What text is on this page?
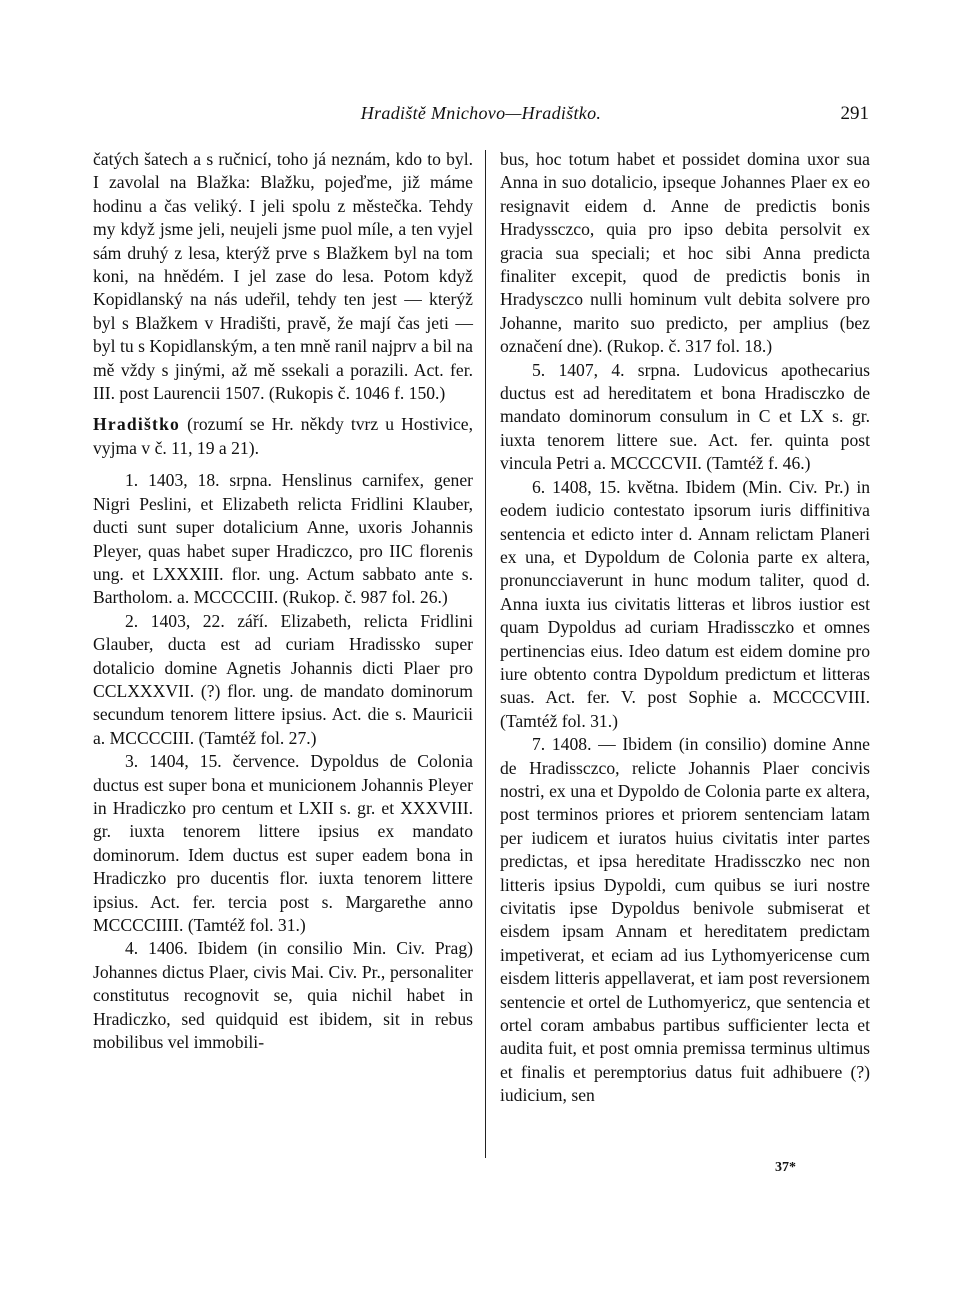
Hradiště Mnichovo—Hradištko.	291

čatých šatech a s ručnicí, toho já neznám, kdo to byl. I zavolal na Blažka: Blažku, pojeďme, již máme hodinu a čas veliký. I jeli spolu z městečka. Tehdy my když jsme jeli, neujeli jsme puol míle, a ten vyjel sám druhý z lesa, kterýž prve s Blažkem byl na tom koni, na hnědém. I jel zase do lesa. Potom když Kopidlanský na nás udeřil, tehdy ten jest — kterýž byl s Blažkem v Hradišti, pravě, že mají čas jeti — byl tu s Kopidlanským, a ten mně ranil najprv a bil na mě vždy s jinými, až mě ssekali a porazili. Act. fer. III. post Laurencii 1507. (Rukopis č. 1046 f. 150.)

Hradištko (rozumí se Hr. někdy tvrz u Hostivice, vyjma v č. 11, 19 a 21).

1. 1403, 18. srpna. Henslinus carnifex, gener Nigri Peslini, et Elizabeth relicta Fridlini Klauber, ducti sunt super dotalicium Anne, uxoris Johannis Pleyer, quas habet super Hradiczco, pro IIC florenis ung. et LXXXIII. flor. ung. Actum sabbato ante s. Bartholom. a. MCCCCIII. (Rukop. č. 987 fol. 26.)

2. 1403, 22. září. Elizabeth, relicta Fridlini Glauber, ducta est ad curiam Hradissko super dotalicio domine Agnetis Johannis dicti Plaer pro CCLXXXVII. (?) flor. ung. de mandato dominorum secundum tenorem littere ipsius. Act. die s. Mauricii a. MCCCCIII. (Tamtéž fol. 27.)

3. 1404, 15. července. Dypoldus de Colonia ductus est super bona et municionem Johannis Pleyer in Hradiczko pro centum et LXII s. gr. et XXXVIII. gr. iuxta tenorem littere ipsius ex mandato dominorum. Idem ductus est super eadem bona in Hradiczko pro ducentis flor. iuxta tenorem littere ipsius. Act. fer. tercia post s. Margarethe anno MCCCCIIII. (Tamtéž fol. 31.)

4. 1406. Ibidem (in consilio Min. Civ. Prag) Johannes dictus Plaer, civis Mai. Civ. Pr., personaliter constitutus recognovit se, quia nichil habet in Hradiczko, sed quidquid est ibidem, sit in rebus mobilibus vel immobili-

bus, hoc totum habet et possidet domina uxor sua Anna in suo dotalicio, ipseque Johannes Plaer ex eo resignavit eidem d. Anne de predictis bonis Hradyssczco, quia pro ipso debita persolvit ex gracia sua speciali; et hoc sibi Anna predicta finaliter excepit, quod de predictis bonis in Hradysczco nulli hominum vult debita solvere pro Johanne, marito suo predicto, per amplius (bez označení dne). (Rukop. č. 317 fol. 18.)

5. 1407, 4. srpna. Ludovicus apothecarius ductus est ad hereditatem et bona Hradisczko de mandato dominorum consulum in C et LX s. gr. iuxta tenorem littere sue. Act. fer. quinta post vincula Petri a. MCCCCVII. (Tamtéž f. 46.)

6. 1408, 15. května. Ibidem (Min. Civ. Pr.) in eodem iudicio contestato ipsorum iuris diffinitiva sentencia et edicto inter d. Annam relictam Planeri ex una, et Dypoldum de Colonia parte ex altera, pronuncciaverunt in hunc modum taliter, quod d. Anna iuxta ius civitatis litteras et libros iustior est quam Dypoldus ad curiam Hradissczko et omnes pertinencias eius. Ideo datum est eidem domine pro iure obtento contra Dypoldum predictum et litteras suas. Act. fer. V. post Sophie a. MCCCCVIII. (Tamtéž fol. 31.)

7. 1408. — Ibidem (in consilio) domine Anne de Hradissczco, relicte Johannis Plaer concivis nostri, ex una et Dypoldo de Colonia parte ex altera, post terminos priores et priorem sentenciam latam per iudicem et iuratos huius civitatis inter partes predictas, et ipsa hereditate Hradissczko nec non litteris ipsius Dypoldi, cum quibus se iuri nostre civitatis ipse Dypoldus benivole submiserat et eisdem ipsam Annam et hereditatem predictam impetiverat, et eciam ad ius Lythomyericense cum eisdem litteris appellaverat, et iam post reversionem sentencie et ortel de Luthomyericz, que sentencia et ortel coram ambabus partibus sufficienter lecta et audita fuit, et post omnia premissa terminus ultimus et finalis et peremptorius datus fuit adhibuere (?) iudicium, sen

37*
